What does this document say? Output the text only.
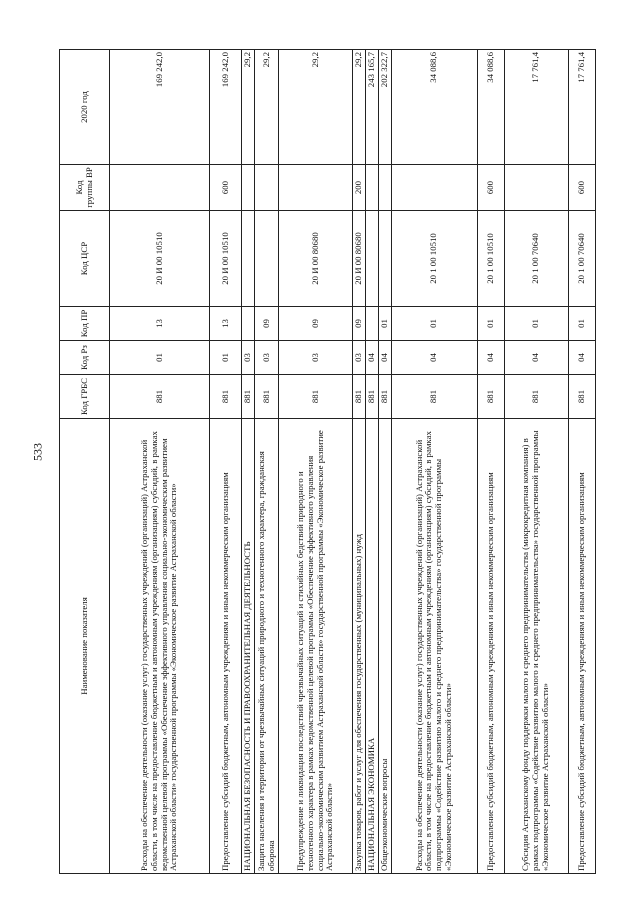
533
Наименование показателя	Код ГРБС	Код Рз	Код ПР	Код ЦСР	Код группы ВР	2020 год
Расходы на обеспечение деятельности (оказание услуг) государственных учреждений (организаций) Астраханской области, в том числе на предоставление бюджетным и автономным учреждениям (организациям) субсидий, в рамках ведомственной целевой программы «Обеспечение эффективного управления социально-экономическим развитием Астраханской области» государственной программы «Экономическое развитие Астраханской области»	881	01	13	20 И 00 10510		169 242,0
Предоставление субсидий бюджетным, автономным учреждениям и иным некоммерческим организациям	881	01	13	20 И 00 10510	600	169 242,0
НАЦИОНАЛЬНАЯ БЕЗОПАСНОСТЬ И ПРАВООХРАНИТЕЛЬНАЯ ДЕЯТЕЛЬНОСТЬ	881	03				29,2
Защита населения и территории от чрезвычайных ситуаций природного и техногенного характера, гражданская оборона	881	03	09			29,2
Предупреждение и ликвидация последствий чрезвычайных ситуаций и стихийных бедствий природного и техногенного характера в рамках ведомственной целевой программы «Обеспечение эффективного управления социально-экономическим развитием Астраханской области» государственной программы «Экономическое развитие Астраханской области»	881	03	09	20 И 00 80680		29,2
Закупка товаров, работ и услуг для обеспечения государственных (муниципальных) нужд	881	03	09	20 И 00 80680	200	29,2
НАЦИОНАЛЬНАЯ ЭКОНОМИКА	881	04				243 165,7
Общеэкономические вопросы	881	04	01			202 322,7
Расходы на обеспечение деятельности (оказание услуг) государственных учреждений (организаций) Астраханской области, в том числе на предоставление бюджетным и автономным учреждениям (организациям) субсидий, в рамках подпрограммы «Содействие развитию малого и среднего предпринимательства» государственной программы «Экономическое развитие Астраханской области»	881	04	01	20 1 00 10510		34 088,6
Предоставление субсидий бюджетным, автономным учреждениям и иным некоммерческим организациям	881	04	01	20 1 00 10510	600	34 088,6
Субсидия Астраханскому фонду поддержки малого и среднего предпринимательства (микрокредитная компания) в рамках подпрограммы «Содействие развитию малого и среднего предпринимательства» государственной программы «Экономическое развитие Астраханской области»	881	04	01	20 1 00 70640		17 761,4
Предоставление субсидий бюджетным, автономным учреждениям и иным некоммерческим организациям	881	04	01	20 1 00 70640	600	17 761,4
